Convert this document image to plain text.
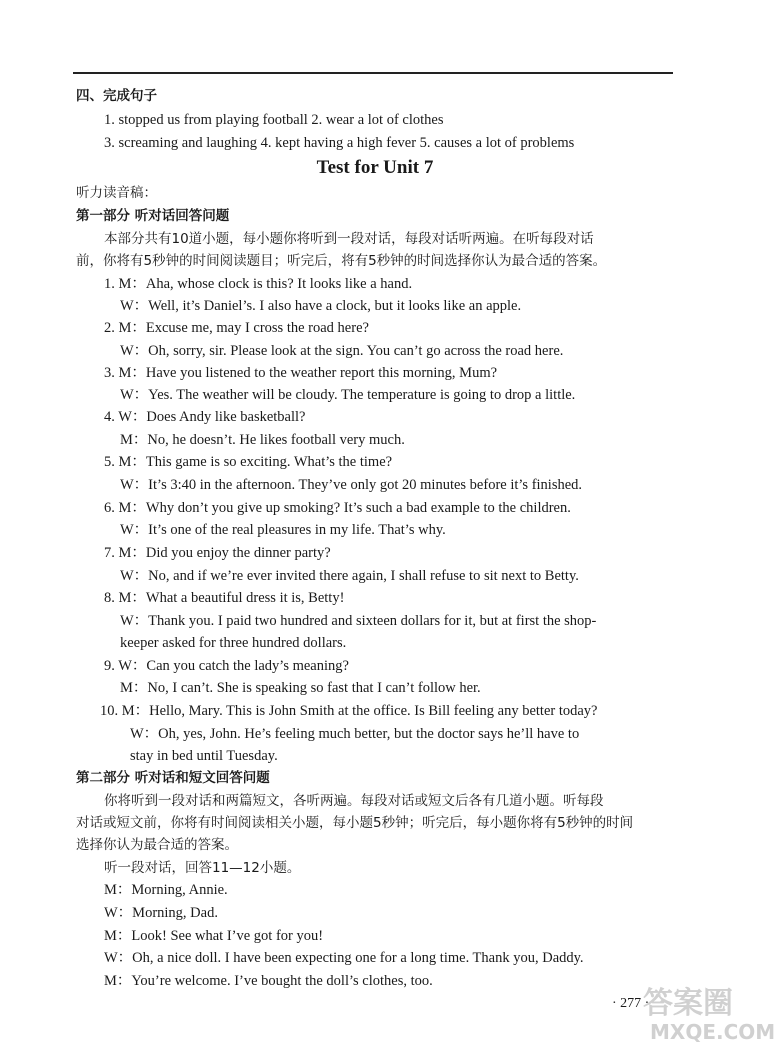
四、完成句子
1. stopped us from playing football 2. wear a lot of clothes
3. screaming and laughing 4. kept having a high fever 5. causes a lot of problems
Test for Unit 7
听力读音稿：
第一部分 听对话回答问题
本部分共有10道小题，每小题你将听到一段对话，每段对话听两遍。在听每段对话
前，你将有5秒钟的时间阅读题目；听完后，将有5秒钟的时间选择你认为最合适的答案。
1. M：Aha, whose clock is this? It looks like a hand.
W：Well, it’s Daniel’s. I also have a clock, but it looks like an apple.
2. M：Excuse me, may I cross the road here?
W：Oh, sorry, sir. Please look at the sign. You can’t go across the road here.
3. M：Have you listened to the weather report this morning, Mum?
W：Yes. The weather will be cloudy. The temperature is going to drop a little.
4. W：Does Andy like basketball?
M：No, he doesn’t. He likes football very much.
5. M：This game is so exciting. What’s the time?
W：It’s 3:40 in the afternoon. They’ve only got 20 minutes before it’s finished.
6. M：Why don’t you give up smoking? It’s such a bad example to the children.
W：It’s one of the real pleasures in my life. That’s why.
7. M：Did you enjoy the dinner party?
W：No, and if we’re ever invited there again, I shall refuse to sit next to Betty.
8. M：What a beautiful dress it is, Betty!
W：Thank you. I paid two hundred and sixteen dollars for it, but at first the shop-
keeper asked for three hundred dollars.
9. W：Can you catch the lady’s meaning?
M：No, I can’t. She is speaking so fast that I can’t follow her.
10. M：Hello, Mary. This is John Smith at the office. Is Bill feeling any better today?
W：Oh, yes, John. He’s feeling much better, but the doctor says he’ll have to
stay in bed until Tuesday.
第二部分 听对话和短文回答问题
你将听到一段对话和两篇短文，各听两遍。每段对话或短文后各有几道小题。听每段
对话或短文前，你将有时间阅读相关小题，每小题5秒钟；听完后，每小题你将有5秒钟的时间
选择你认为最合适的答案。
听一段对话，回答11—12小题。
M：Morning, Annie.
W：Morning, Dad.
M：Look! See what I’ve got for you!
W：Oh, a nice doll. I have been expecting one for a long time. Thank you, Daddy.
M：You’re welcome. I’ve bought the doll’s clothes, too.
答案圈
MXQE.COM
· 277 ·
